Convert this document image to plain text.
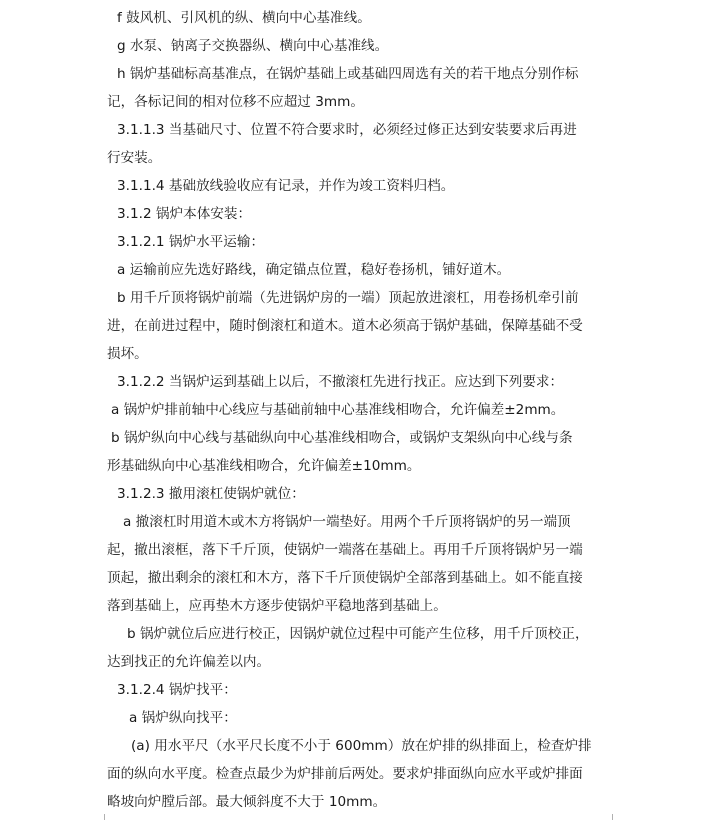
f 鼓风机、引风机的纵、横向中心基准线。
g 水泵、钠离子交换器纵、横向中心基准线。
h 锅炉基础标高基准点，在锅炉基础上或基础四周选有关的若干地点分别作标
记，各标记间的相对位移不应超过 3mm。
3.1.1.3 当基础尺寸、位置不符合要求时，必须经过修正达到安装要求后再进
行安装。
3.1.1.4 基础放线验收应有记录，并作为竣工资料归档。
3.1.2 锅炉本体安装：
3.1.2.1 锅炉水平运输：
a 运输前应先选好路线，确定锚点位置，稳好卷扬机，铺好道木。
b 用千斤顶将锅炉前端（先进锅炉房的一端）顶起放进滚杠，用卷扬机牵引前
进，在前进过程中，随时倒滚杠和道木。道木必须高于锅炉基础，保障基础不受
损坏。
3.1.2.2 当锅炉运到基础上以后，不撤滚杠先进行找正。应达到下列要求：
a 锅炉炉排前轴中心线应与基础前轴中心基准线相吻合，允许偏差±2mm。
b 锅炉纵向中心线与基础纵向中心基准线相吻合，或锅炉支架纵向中心线与条
形基础纵向中心基准线相吻合，允许偏差±10mm。
3.1.2.3 撤用滚杠使锅炉就位：
a 撤滚杠时用道木或木方将锅炉一端垫好。用两个千斤顶将锅炉的另一端顶
起，撤出滚框，落下千斤顶，使锅炉一端落在基础上。再用千斤顶将锅炉另一端
顶起，撤出剩余的滚杠和木方，落下千斤顶使锅炉全部落到基础上。如不能直接
落到基础上，应再垫木方逐步使锅炉平稳地落到基础上。
b 锅炉就位后应进行校正，因锅炉就位过程中可能产生位移，用千斤顶校正，
达到找正的允许偏差以内。
3.1.2.4 锅炉找平：
a 锅炉纵向找平：
(a) 用水平尺（水平尺长度不小于 600mm）放在炉排的纵排面上，检查炉排
面的纵向水平度。检查点最少为炉排前后两处。要求炉排面纵向应水平或炉排面
略坡向炉膛后部。最大倾斜度不大于 10mm。
